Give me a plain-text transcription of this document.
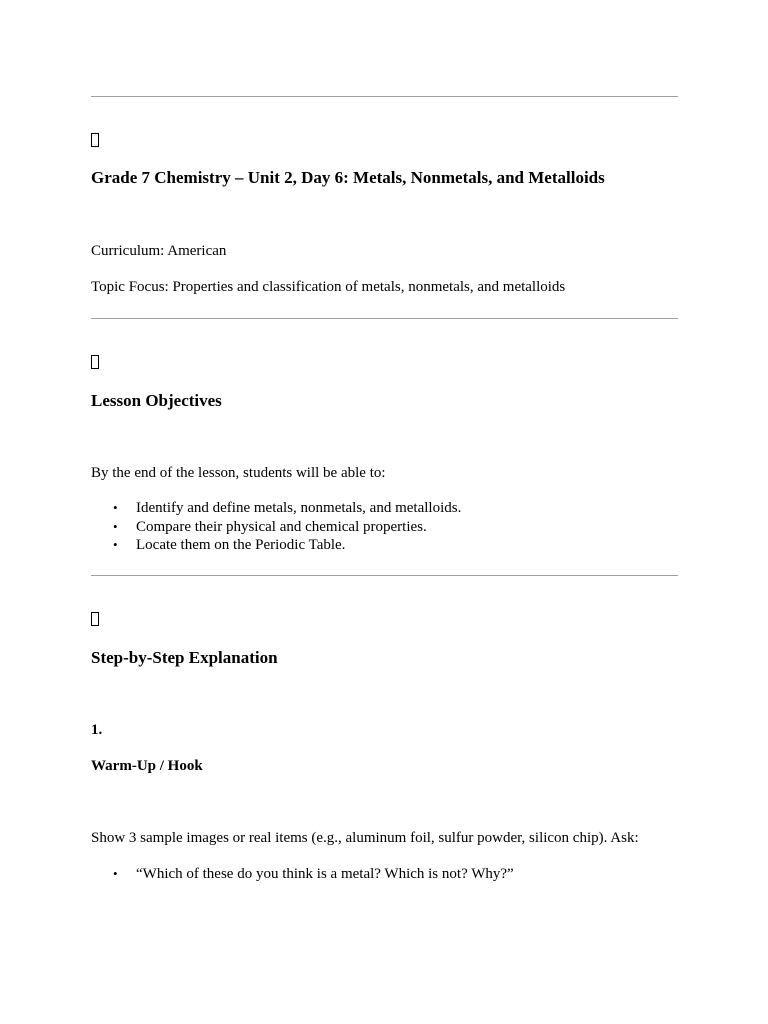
Grade 7 Chemistry – Unit 2, Day 6: Metals, Nonmetals, and Metalloids
Curriculum: American
Topic Focus: Properties and classification of metals, nonmetals, and metalloids
Lesson Objectives
By the end of the lesson, students will be able to:
• Identify and define metals, nonmetals, and metalloids.
• Compare their physical and chemical properties.
• Locate them on the Periodic Table.
Step-by-Step Explanation
1.
Warm-Up / Hook
Show 3 sample images or real items (e.g., aluminum foil, sulfur powder, silicon chip). Ask:
• “Which of these do you think is a metal? Which is not? Why?”
